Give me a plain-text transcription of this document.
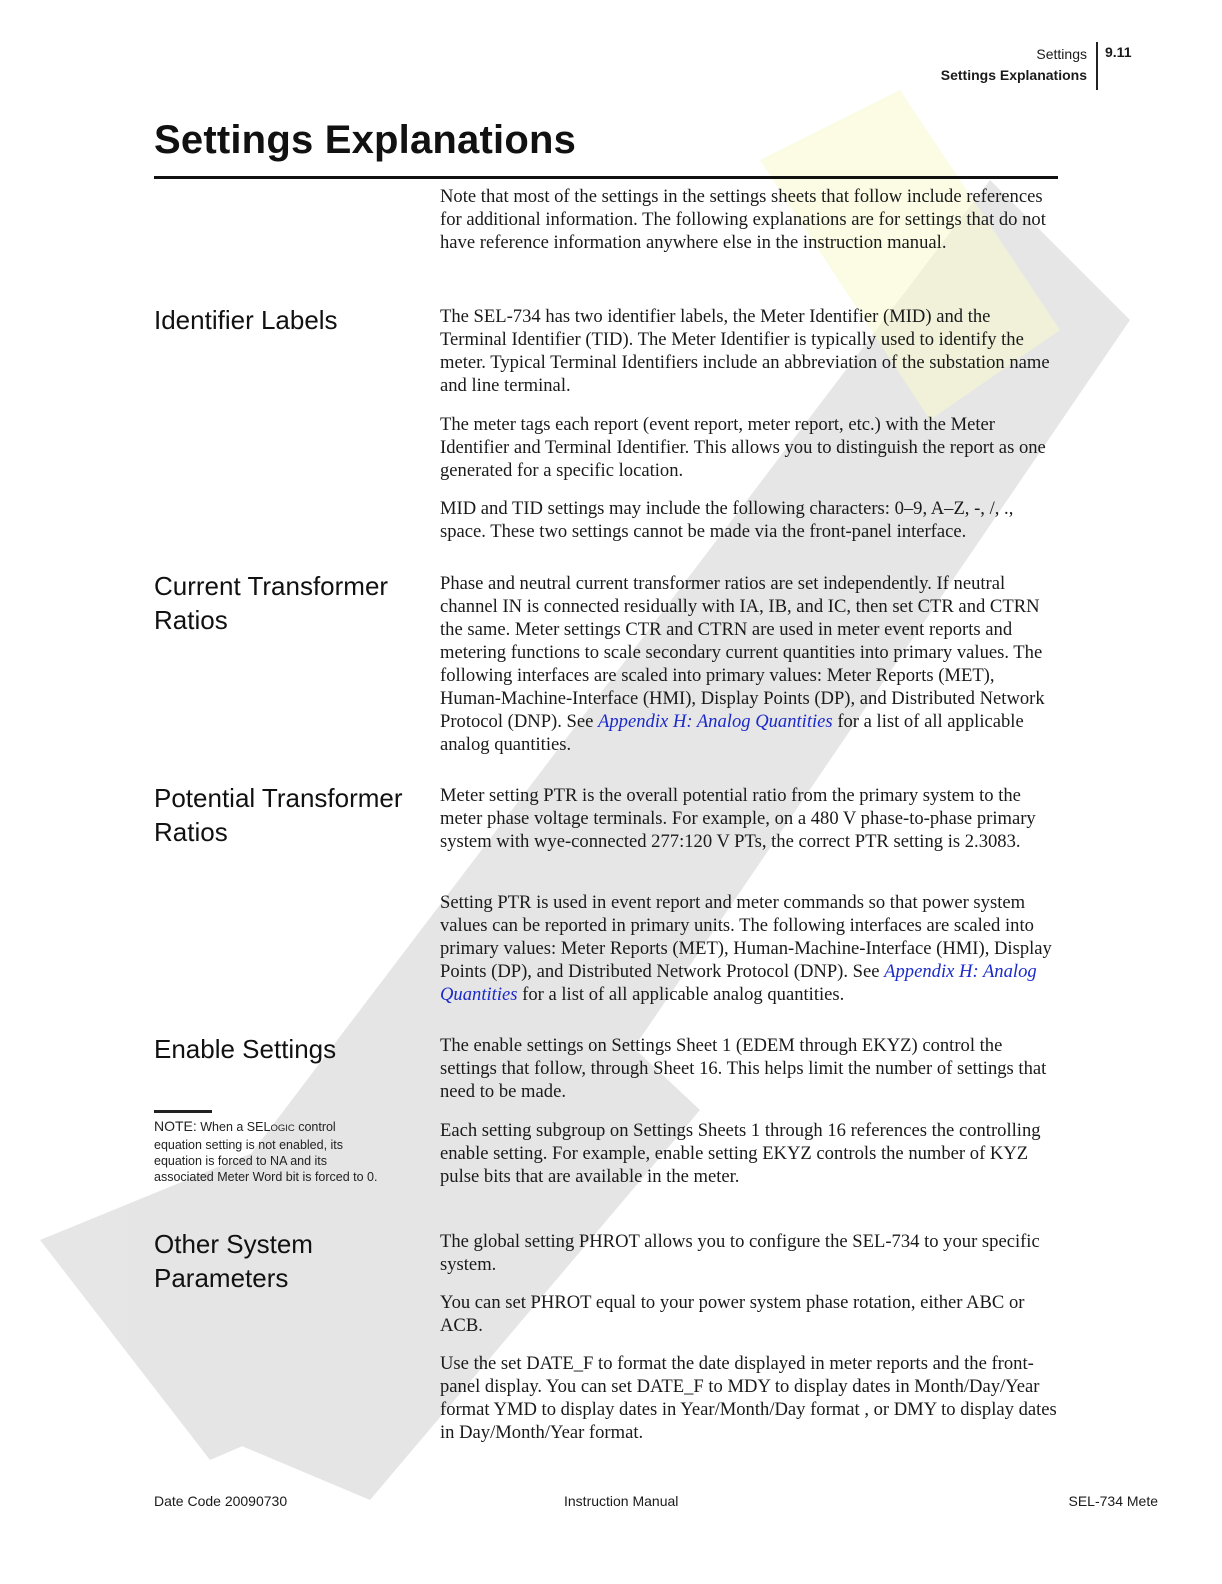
Settings
Settings Explanations
9.11
Settings Explanations

Note that most of the settings in the settings sheets that follow include references for additional information. The following explanations are for settings that do not have reference information anywhere else in the instruction manual.

Identifier Labels	The SEL-734 has two identifier labels, the Meter Identifier (MID) and the Terminal Identifier (TID). The Meter Identifier is typically used to identify the meter. Typical Terminal Identifiers include an abbreviation of the substation name and line terminal.

The meter tags each report (event report, meter report, etc.) with the Meter Identifier and Terminal Identifier. This allows you to distinguish the report as one generated for a specific location.

MID and TID settings may include the following characters: 0–9, A–Z, -, /, ., space. These two settings cannot be made via the front-panel interface.

Current Transformer
Ratios

Phase and neutral current transformer ratios are set independently. If neutral channel IN is connected residually with IA, IB, and IC, then set CTR and CTRN the same. Meter settings CTR and CTRN are used in meter event reports and metering functions to scale secondary current quantities into primary values. The following interfaces are scaled into primary values: Meter Reports (MET), Human-Machine-Interface (HMI), Display Points (DP), and Distributed Network Protocol (DNP). See Appendix H: Analog Quantities for a list of all applicable analog quantities.

Potential Transformer
Ratios

Meter setting PTR is the overall potential ratio from the primary system to the meter phase voltage terminals. For example, on a 480 V phase-to-phase primary system with wye-connected 277:120 V PTs, the correct PTR setting is 2.3083.

Setting PTR is used in event report and meter commands so that power system values can be reported in primary units. The following interfaces are scaled into primary values: Meter Reports (MET), Human-Machine-Interface (HMI), Display Points (DP), and Distributed Network Protocol (DNP). See Appendix H: Analog Quantities for a list of all applicable analog quantities.

Enable Settings	The enable settings on Settings Sheet 1 (EDEM through EKYZ) control the settings that follow, through Sheet 16. This helps limit the number of settings that need to be made.

Each setting subgroup on Settings Sheets 1 through 16 references the controlling enable setting. For example, enable setting EKYZ controls the number of KYZ pulse bits that are available in the meter.

NOTE: When a SELOGIC control equation setting is not enabled, its equation is forced to NA and its associated Meter Word bit is forced to 0.
Other System
Parameters

The global setting PHROT allows you to configure the SEL-734 to your specific system.

You can set PHROT equal to your power system phase rotation, either ABC or ACB.

Use the set DATE_F to format the date displayed in meter reports and the front-panel display. You can set DATE_F to MDY to display dates in Month/Day/Year format YMD to display dates in Year/Month/Day format , or DMY to display dates in Day/Month/Year format.

Date Code 20090730	Instruction Manual	SEL-734 Mete
